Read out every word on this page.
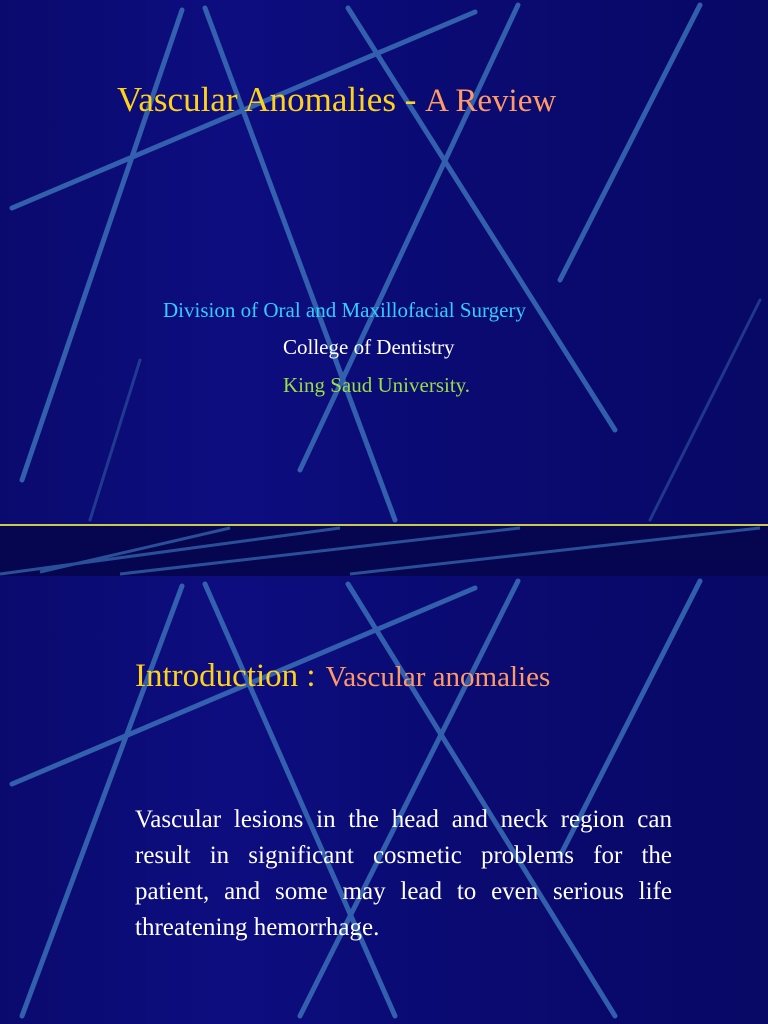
Vascular Anomalies - A Review
Division of Oral and Maxillofacial Surgery
College of Dentistry
King Saud University.
Introduction : Vascular anomalies
Vascular lesions in the head and neck region can result in significant cosmetic problems for the patient, and some may lead to even serious life threatening hemorrhage.
